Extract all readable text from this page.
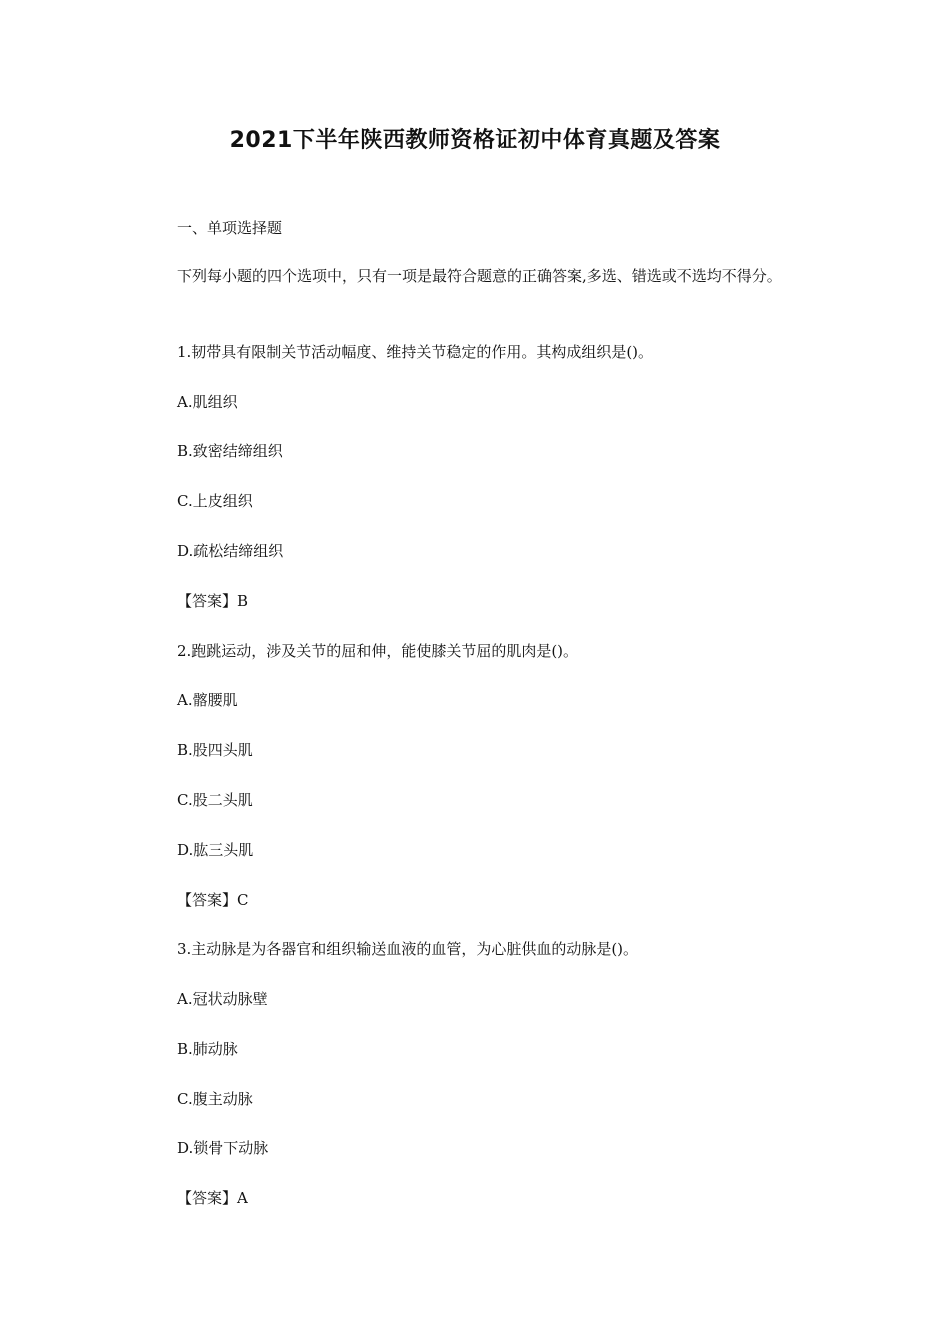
2021下半年陕西教师资格证初中体育真题及答案

一、单项选择题

下列每小题的四个选项中，只有一项是最符合题意的正确答案,多选、错选或不选均不得分。

1.韧带具有限制关节活动幅度、维持关节稳定的作用。其构成组织是()。

A.肌组织

B.致密结缔组织

C.上皮组织

D.疏松结缔组织

【答案】B

2.跑跳运动，涉及关节的屈和伸，能使膝关节屈的肌肉是()。

A.髂腰肌

B.股四头肌

C.股二头肌

D.肱三头肌

【答案】C

3.主动脉是为各器官和组织输送血液的血管，为心脏供血的动脉是()。

A.冠状动脉壁

B.肺动脉

C.腹主动脉

D.锁骨下动脉

【答案】A
